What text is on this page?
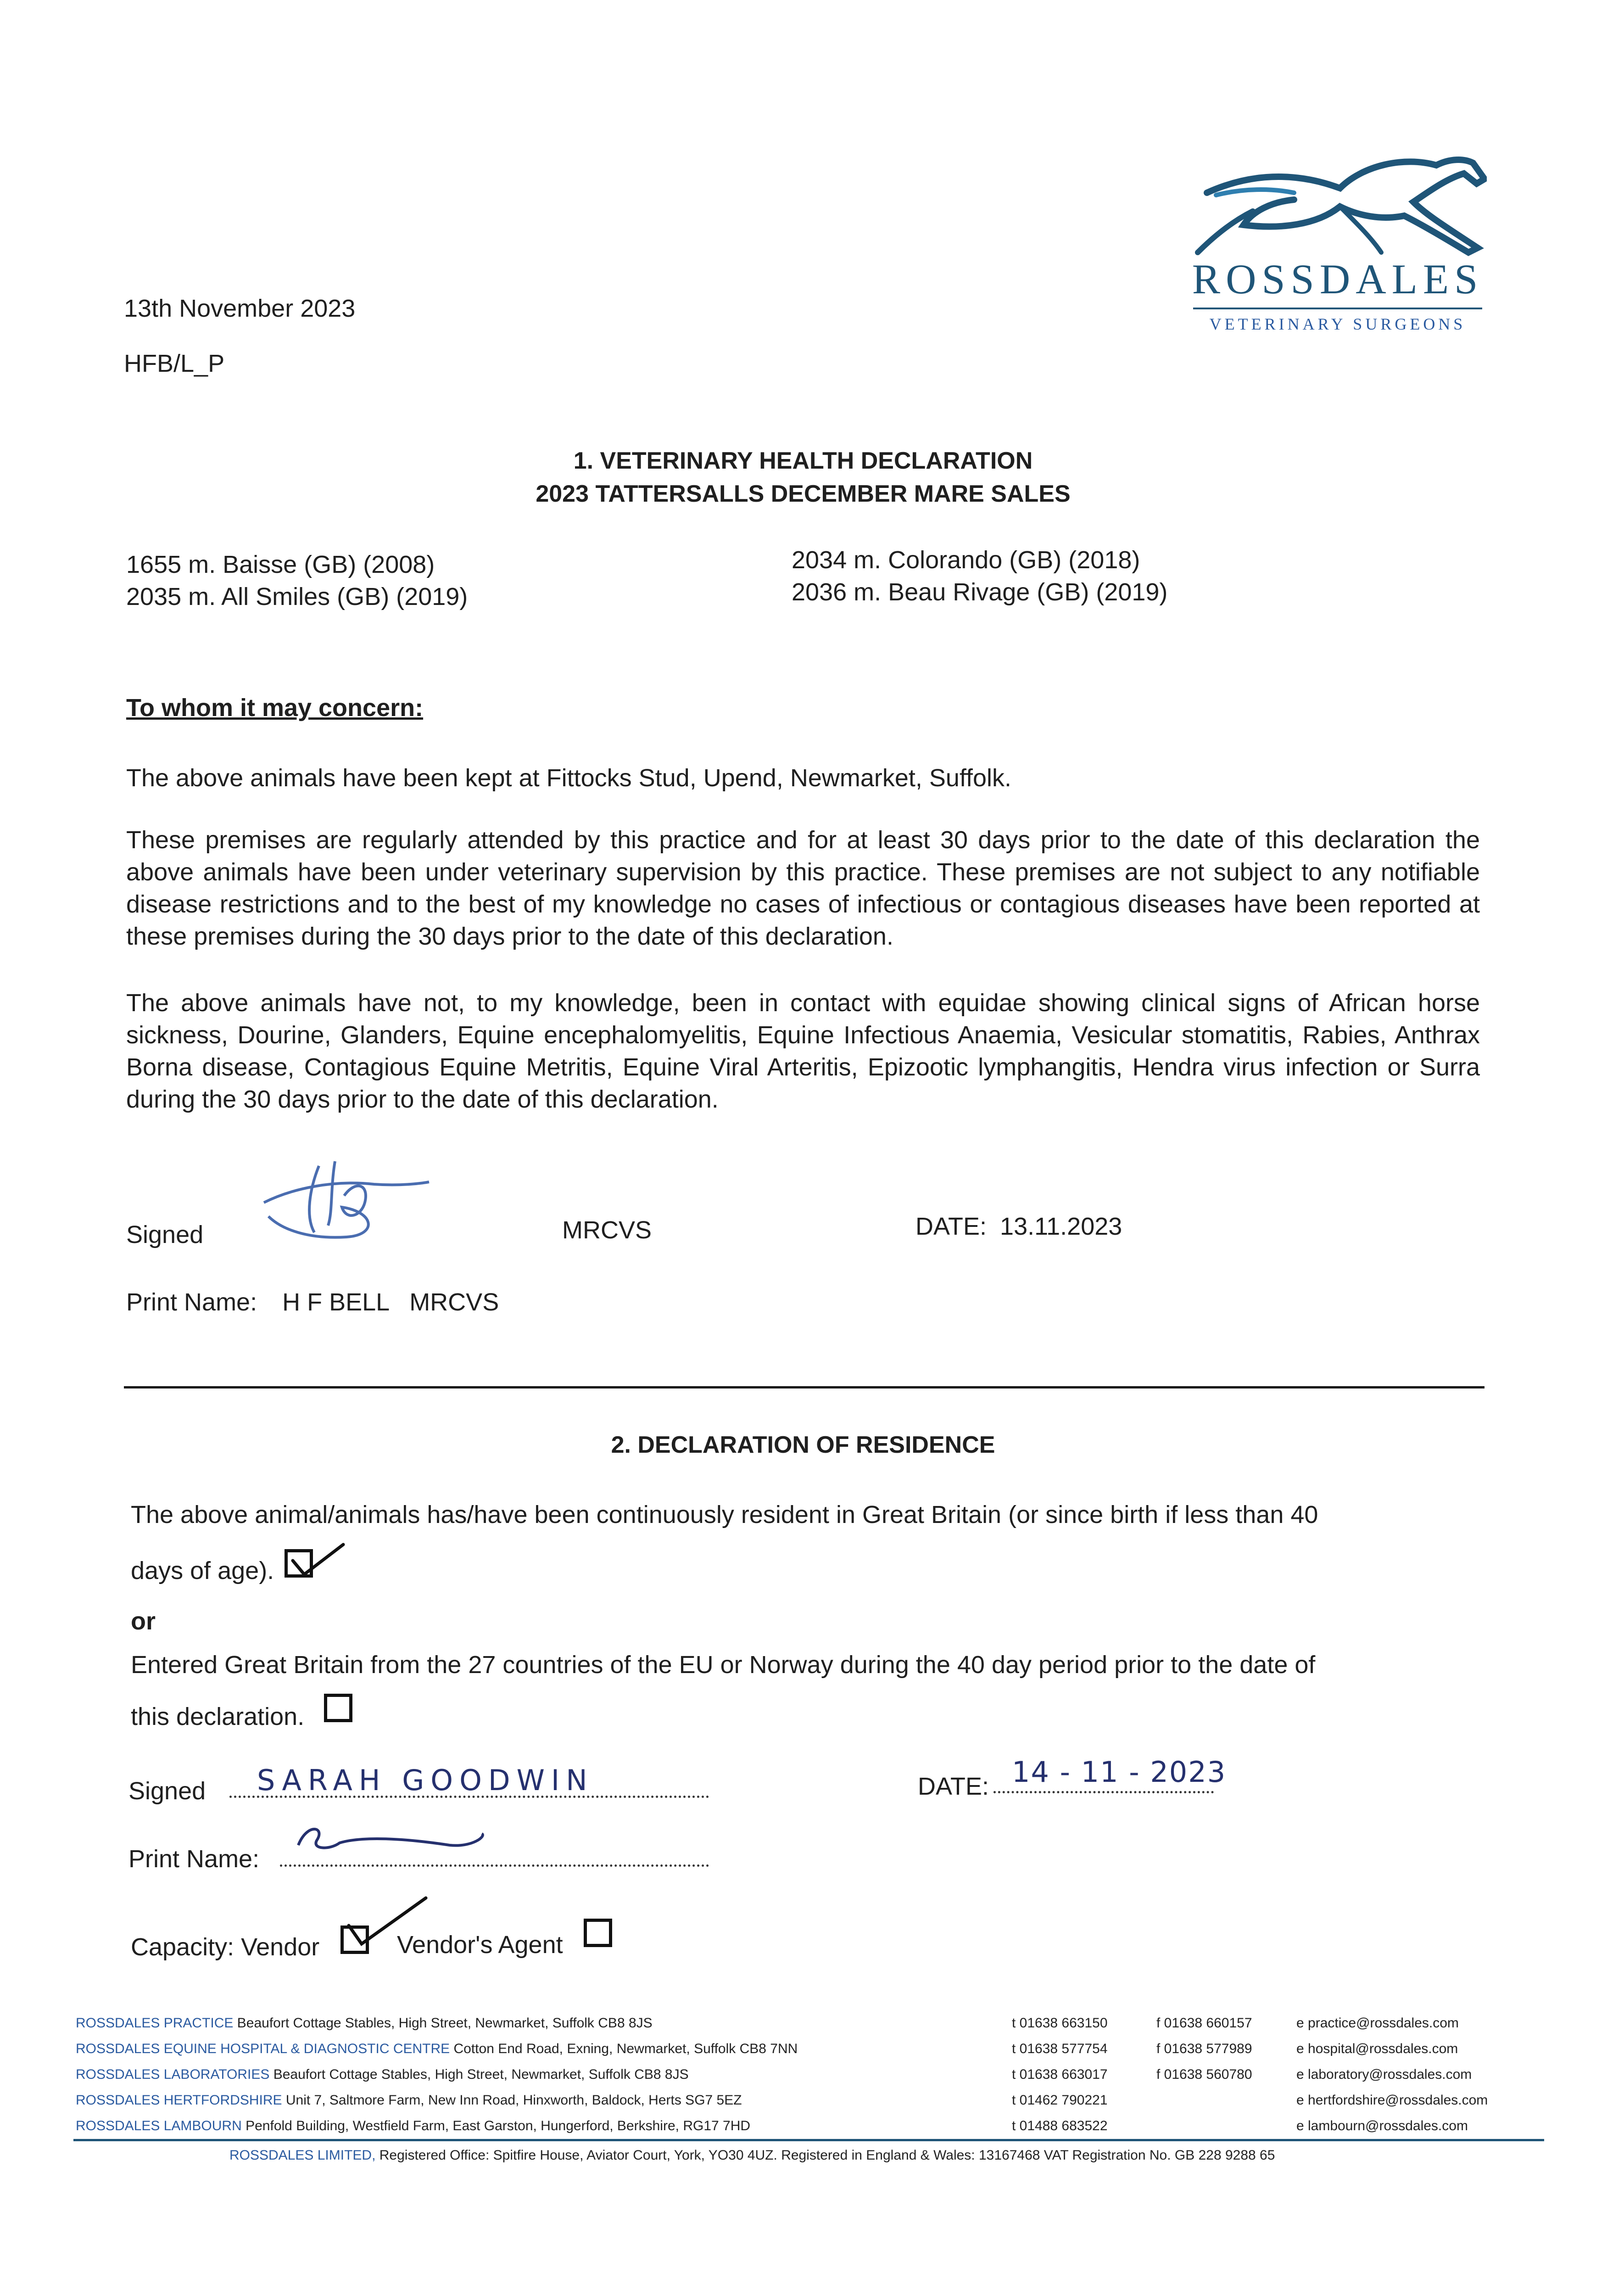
ROSSDALES
VETERINARY SURGEONS
13th November 2023
HFB/L_P
1. VETERINARY HEALTH DECLARATION
2023 TATTERSALLS DECEMBER MARE SALES
1655 m. Baisse (GB) (2008)
2035 m. All Smiles (GB) (2019)
2034 m. Colorando (GB) (2018)
2036 m. Beau Rivage (GB) (2019)
To whom it may concern:

The above animals have been kept at Fittocks Stud, Upend, Newmarket, Suffolk.

These premises are regularly attended by this practice and for at least 30 days prior to the date of this declaration the above animals have been under veterinary supervision by this practice. These premises are not subject to any notifiable disease restrictions and to the best of my knowledge no cases of infectious or contagious diseases have been reported at these premises during the 30 days prior to the date of this declaration.

The above animals have not, to my knowledge, been in contact with equidae showing clinical signs of African horse sickness, Dourine, Glanders, Equine encephalomyelitis, Equine Infectious Anaemia, Vesicular stomatitis, Rabies, Anthrax Borna disease, Contagious Equine Metritis, Equine Viral Arteritis, Epizootic lymphangitis, Hendra virus infection or Surra during the 30 days prior to the date of this declaration.

Signed	MRCVS	DATE: 13.11.2023
Print Name: H F BELL   MRCVS
2. DECLARATION OF RESIDENCE
The above animal/animals has/have been continuously resident in Great Britain (or since birth if less than 40
days of age).
or
Entered Great Britain from the 27 countries of the EU or Norway during the 40 day period prior to the date of
this declaration.
Signed SARAH GOODWIN	DATE: 14 - 11 - 2023
Print Name:
Capacity: Vendor	Vendor's Agent
ROSSDALES PRACTICE Beaufort Cottage Stables, High Street, Newmarket, Suffolk CB8 8JS	t 01638 663150	f 01638 660157	e practice@rossdales.com
ROSSDALES EQUINE HOSPITAL & DIAGNOSTIC CENTRE Cotton End Road, Exning, Newmarket, Suffolk CB8 7NN	t 01638 577754	f 01638 577989	e hospital@rossdales.com
ROSSDALES LABORATORIES Beaufort Cottage Stables, High Street, Newmarket, Suffolk CB8 8JS	t 01638 663017	f 01638 560780	e laboratory@rossdales.com
ROSSDALES HERTFORDSHIRE Unit 7, Saltmore Farm, New Inn Road, Hinxworth, Baldock, Herts SG7 5EZ	t 01462 790221	e hertfordshire@rossdales.com
ROSSDALES LAMBOURN Penfold Building, Westfield Farm, East Garston, Hungerford, Berkshire, RG17 7HD	t 01488 683522	e lambourn@rossdales.com
ROSSDALES LIMITED, Registered Office: Spitfire House, Aviator Court, York, YO30 4UZ. Registered in England & Wales: 13167468 VAT Registration No. GB 228 9288 65
